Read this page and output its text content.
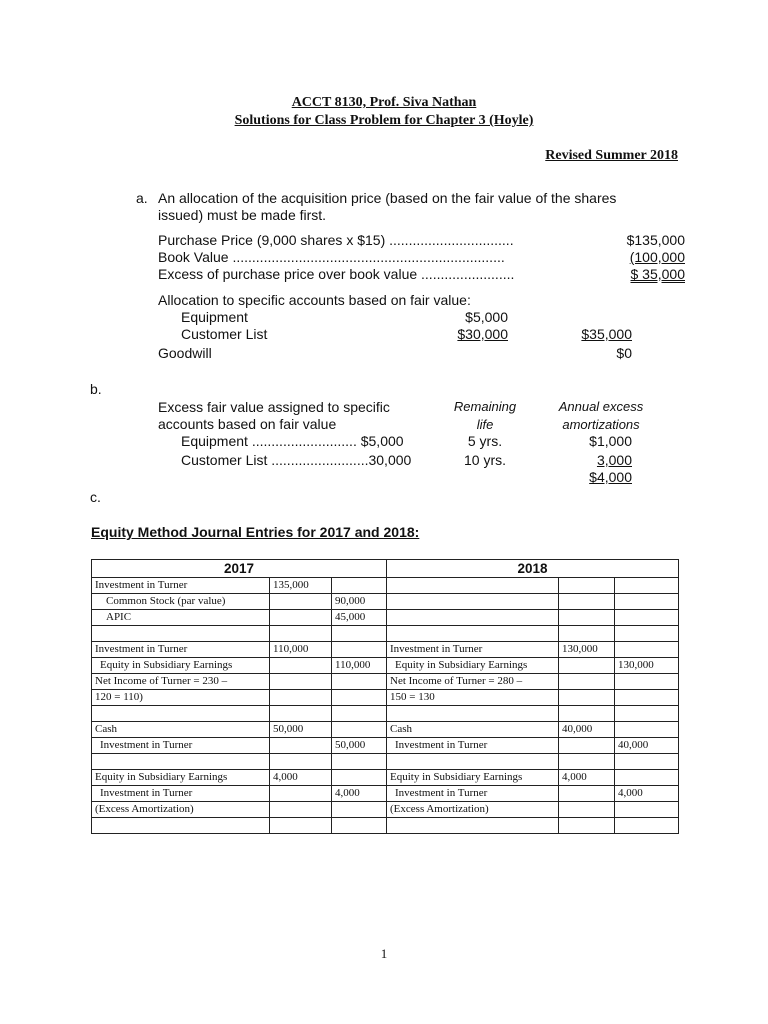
ACCT 8130, Prof. Siva Nathan
Solutions for Class Problem for Chapter 3 (Hoyle)
Revised Summer 2018
a. An allocation of the acquisition price (based on the fair value of the shares
issued) must be made first.
Purchase Price (9,000 shares x $15) ................................	$135,000
Book Value ......................................................................	(100,000
Excess of purchase price over book value ........................	$ 35,000
Allocation to specific accounts based on fair value:
Equipment	$5,000
Customer List	$30,000	$35,000
Goodwill	$0
b.
Excess fair value assigned to specific
accounts based on fair value
Remaining
life
Annual excess
amortizations
Equipment ........................... $5,000	5 yrs.	$1,000
Customer List .........................30,000	10 yrs.	3,000
$4,000
c.
Equity Method Journal Entries for 2017 and 2018:
2017			2018		
Investment in Turner	135,000				
Common Stock (par value)		90,000			
APIC		45,000			

Investment in Turner	110,000		Investment in Turner	130,000	
Equity in Subsidiary Earnings		110,000	Equity in Subsidiary Earnings		130,000
Net Income of Turner = 230 –			Net Income of Turner = 280 –		
120 = 110)			150 = 130		

Cash	50,000		Cash	40,000	
Investment in Turner		50,000	Investment in Turner		40,000

Equity in Subsidiary Earnings	4,000		Equity in Subsidiary Earnings	4,000	
Investment in Turner		4,000	Investment in Turner		4,000
(Excess Amortization)			(Excess Amortization)		

1
